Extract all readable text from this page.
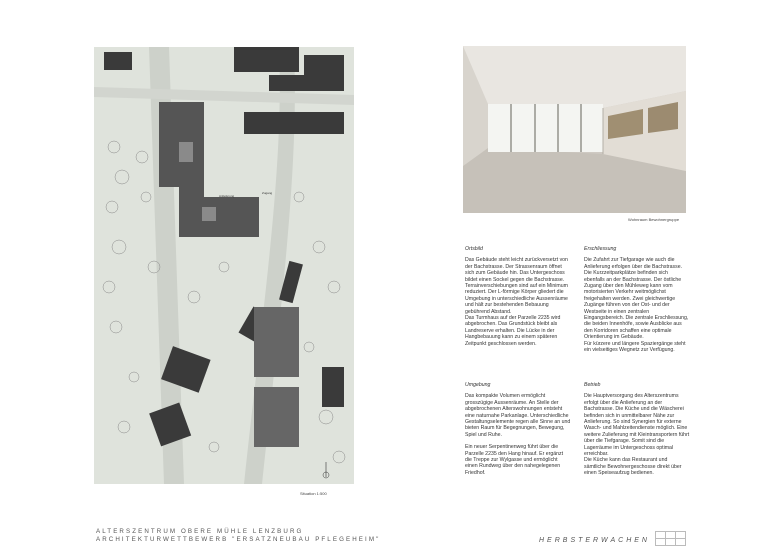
Zugang
Anlieferung
Situation 1:500
Wohnraum Bewohnergruppe
Ortsbild

Das Gebäude steht leicht zurückversetzt von der Bachstrasse. Der Strassenraum öffnet sich zum Gebäude hin. Das Untergeschoss bildet einen Sockel gegen die Bachstrasse. Terrainverschiebungen sind auf ein Minimum reduziert. Der L-förmige Körper gliedert die Umgebung in unterschiedliche Aussenräume und hält zur bestehenden Bebauung gebührend Abstand.
Das Turmhaus auf der Parzelle 2235 wird abgebrochen. Das Grundstück bleibt als Landreserve erhalten. Die Lücke in der Hangbebauung kann zu einem späteren Zeitpunkt geschlossen werden.

Umgebung

Das kompakte Volumen ermöglicht grosszügige Aussenräume. An Stelle der abgebrochenen Alterswohnungen entsteht eine naturnahe Parkanlage. Unterschiedliche Gestaltungselemente regen alle Sinne an und bieten Raum für Begegnungen, Bewegung, Spiel und Ruhe.

Ein neuer Serpentinenweg führt über die Parzelle 2235 den Hang hinauf. Er ergänzt die Treppe zur Wylgasse und ermöglicht einen Rundweg über den nahegelegenen Friedhof.

Erschliessung

Die Zufahrt zur Tiefgarage wie auch die Anlieferung erfolgen über die Bachstrasse. Die Kurzzeitparkplätze befinden sich ebenfalls an der Bachstrasse. Der östliche Zugang über den Mühleweg kann vom motorisierten Verkehr weitmöglichst freigehalten werden. Zwei gleichwertige Zugänge führen von der Ost- und der Westseite in einen zentralen Eingangsbereich. Die zentrale Erschliessung, die beiden Innenhöfe, sowie Ausblicke aus den Korridoren schaffen eine optimale Orientierung im Gebäude.
Für kürzere und längere Spaziergänge steht ein vielseitiges Wegnetz zur Verfügung.

Betrieb

Die Hauptversorgung des Alterszentrums erfolgt über die Anlieferung an der Bachstrasse. Die Küche und die Wäscherei befinden sich in unmittelbarer Nähe zur Anlieferung. So sind Synergien für externe Wasch- und Mahlzeitendienste möglich. Eine weitere Zulieferung mit Kleintransportern führt über die Tiefgarage. Somit sind die Lagerräume im Untergeschoss optimal erreichbar.
Die Küche kann das Restaurant und sämtliche Bewohnergeschosse direkt über einen Speiseaufzug bedienen.

ALTERSZENTRUM OBERE MÜHLE LENZBURG
ARCHITEKTURWETTBEWERB "ERSATZNEUBAU PFLEGEHEIM"	HERBSTERWACHEN
